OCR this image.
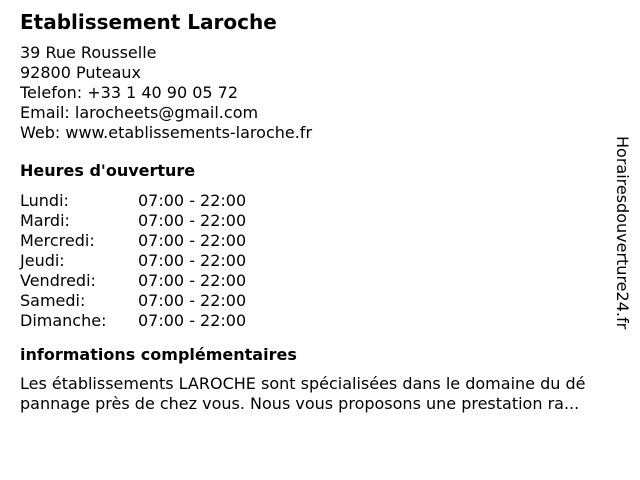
Etablissement Laroche
39 Rue Rousselle
92800 Puteaux
Telefon: +33 1 40 90 05 72
Email: larocheets@gmail.com
Web: www.etablissements-laroche.fr
Heures d'ouverture
Lundi:	07:00 - 22:00
Mardi:	07:00 - 22:00
Mercredi:	07:00 - 22:00
Jeudi:	07:00 - 22:00
Vendredi:	07:00 - 22:00
Samedi:	07:00 - 22:00
Dimanche:	07:00 - 22:00
informations complémentaires
Les établissements LAROCHE sont spécialisées dans le domaine du dé
pannage près de chez vous. Nous vous proposons une prestation ra...
Horairesdouverture24.fr
